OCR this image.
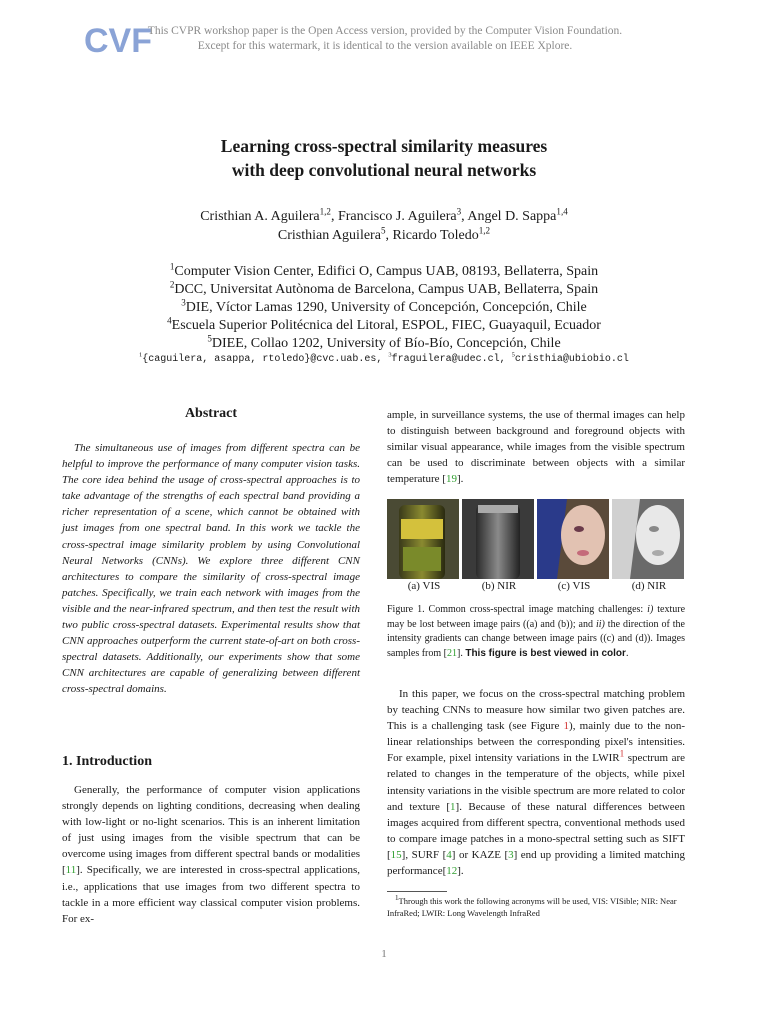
CVF
This CVPR workshop paper is the Open Access version, provided by the Computer Vision Foundation.
Except for this watermark, it is identical to the version available on IEEE Xplore.
Learning cross-spectral similarity measures
with deep convolutional neural networks
Cristhian A. Aguilera$^{1,2}$, Francisco J. Aguilera$^3$, Angel D. Sappa$^{1,4}$
Cristhian Aguilera$^5$, Ricardo Toledo$^{1,2}$
$^1$Computer Vision Center, Edifici O, Campus UAB, 08193, Bellaterra, Spain
$^2$DCC, Universitat Autònoma de Barcelona, Campus UAB, Bellaterra, Spain
$^3$DIE, Víctor Lamas 1290, University of Concepción, Concepción, Chile
$^4$Escuela Superior Politécnica del Litoral, ESPOL, FIEC, Guayaquil, Ecuador
$^5$DIEE, Collao 1202, University of Bío-Bío, Concepción, Chile
$^1${caguilera, asappa, rtoledo}@cvc.uab.es, $^3$fraguilera@udec.cl, $^5$cristhia@ubiobio.cl
Abstract
The simultaneous use of images from different spectra can be helpful to improve the performance of many computer vision tasks. The core idea behind the usage of cross-spectral approaches is to take advantage of the strengths of each spectral band providing a richer representation of a scene, which cannot be obtained with just images from one spectral band. In this work we tackle the cross-spectral image similarity problem by using Convolutional Neural Networks (CNNs). We explore three different CNN architectures to compare the similarity of cross-spectral image patches. Specifically, we train each network with images from the visible and the near-infrared spectrum, and then test the result with two public cross-spectral datasets. Experimental results show that CNN approaches outperform the current state-of-art on both cross-spectral datasets. Additionally, our experiments show that some CNN architectures are capable of generalizing between different cross-spectral domains.
1. Introduction
Generally, the performance of computer vision applications strongly depends on lighting conditions, decreasing when dealing with low-light or no-light scenarios. This is an inherent limitation of just using images from the visible spectrum that can be overcome using images from different spectral bands or modalities [11]. Specifically, we are interested in cross-spectral applications, i.e., applications that use images from two different spectra to tackle in a more efficient way classical computer vision problems. For ex-
ample, in surveillance systems, the use of thermal images can help to distinguish between background and foreground objects with similar visual appearance, while images from the visible spectrum can be used to discriminate between objects with a similar temperature [19].
(a) VIS	(b) NIR	(c) VIS	(d) NIR
Figure 1. Common cross-spectral image matching challenges: i) texture may be lost between image pairs ((a) and (b)); and ii) the direction of the intensity gradients can change between image pairs ((c) and (d)). Images samples from [21]. This figure is best viewed in color.
In this paper, we focus on the cross-spectral matching problem by teaching CNNs to measure how similar two given patches are. This is a challenging task (see Figure 1), mainly due to the non-linear relationships between the corresponding pixel's intensities. For example, pixel intensity variations in the LWIR$^1$ spectrum are related to changes in the temperature of the objects, while pixel intensity variations in the visible spectrum are more related to color and texture [1]. Because of these natural differences between images acquired from different spectra, conventional methods used to compare image patches in a mono-spectral setting such as SIFT [15], SURF [4] or KAZE [3] end up providing a limited matching performance[12].
$^1$Through this work the following acronyms will be used, VIS: VISible; NIR: Near InfraRed; LWIR: Long Wavelength InfraRed
1
